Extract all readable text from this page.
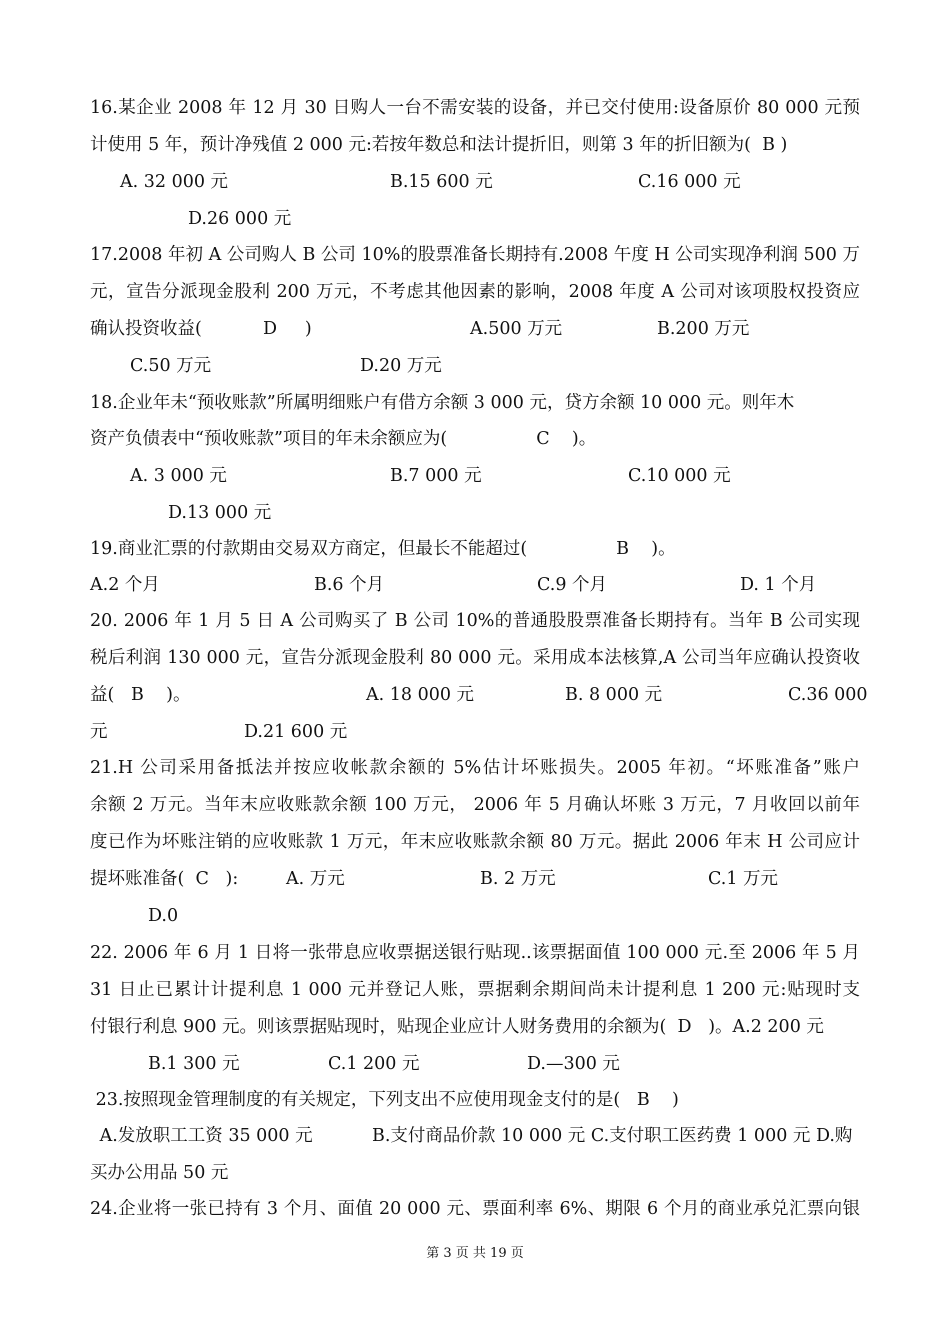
16.某企业 2008 年 12 月 30 日购人一台不需安装的设备，并已交付使用:设备原价 80 000 元预
计使用 5 年，预计净残值 2 000 元:若按年数总和法计提折旧，则第 3 年的折旧额为(  B )
A. 32 000 元	B.15 600 元	C.16 000 元
D.26 000 元
17.2008 年初 A 公司购人 B 公司 10%的股票准备长期持有.2008 午度 H 公司实现净利润 500 万
元，宣告分派现金股利 200 万元，不考虑其他因素的影响，2008 年度 A 公司对该项股权投资应
确认投资收益(           D     )	A.500 万元	B.200 万元
C.50 万元	D.20 万元
18.企业年未“预收账款”所属明细账户有借方余额 3 000 元，贷方余额 10 000 元。则年木
资产负债表中“预收账款”项目的年未余额应为(                C    )。
A. 3 000 元	B.7 000 元	C.10 000 元
D.13 000 元
19.商业汇票的付款期由交易双方商定，但最长不能超过(                B    )。
A.2 个月	B.6 个月	C.9 个月	D. 1 个月
20. 2006 年 1 月 5 日 A 公司购买了 B 公司 10%的普通股股票准备长期持有。当年 B 公司实现
税后利润 130 000 元，宣告分派现金股利 80 000 元。采用成本法核算,A 公司当年应确认投资收
益(   B    )。	A. 18 000 元	B. 8 000 元	C.36 000
元	D.21 600 元
21.H 公司采用备抵法并按应收帐款余额的 5%估计坏账损失。2005 年初。“坏账准备”账户
余额 2 万元。当年末应收账款余额 100 万元， 2006 年 5 月确认坏账 3 万元，7 月收回以前年
度已作为坏账注销的应收账款 1 万元，年末应收账款余额 80 万元。据此 2006 年末 H 公司应计
提坏账准备(  C   ):	A. 万元	B. 2 万元	C.1 万元
D.0
22. 2006 年 6 月 1 日将一张带息应收票据送银行贴现..该票据面值 100 000 元.至 2006 年 5 月
31 日止已累计计提利息 1 000 元并登记人账，票据剩余期间尚未计提利息 1 200 元:贴现时支
付银行利息 900 元。则该票据贴现时，贴现企业应计人财务费用的余额为(  D   )。A.2 200 元
B.1 300 元	C.1 200 元	D.—300 元
23.按照现金管理制度的有关规定，下列支出不应使用现金支付的是(   B    )
A.发放职工工资 35 000 元	B.支付商品价款 10 000 元 C.支付职工医药费 1 000 元 D.购
买办公用品 50 元
24.企业将一张已持有 3 个月、面值 20 000 元、票面利率 6%、期限 6 个月的商业承兑汇票向银
第 3 页 共 19 页
